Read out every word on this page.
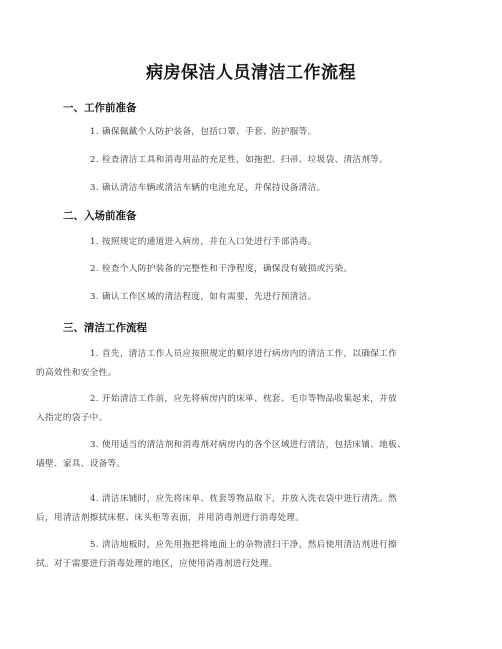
病房保洁人员清洁工作流程
一、工作前准备

1. 确保佩戴个人防护装备，包括口罩、手套、防护服等。

2. 检查清洁工具和消毒用品的充足性，如拖把、扫帚、垃圾袋、清洁剂等。

3. 确认清洁车辆或清洁车辆的电池充足，并保持设备清洁。

二、入场前准备

1. 按照规定的通道进入病房，并在入口处进行手部消毒。

2. 检查个人防护装备的完整性和干净程度，确保没有破损或污染。

3. 确认工作区域的清洁程度，如有需要，先进行预清洁。

三、清洁工作流程

1. 首先，清洁工作人员应按照规定的顺序进行病房内的清洁工作，以确保工作
的高效性和安全性。

2. 开始清洁工作前，应先将病房内的床单、枕套、毛巾等物品收集起来，并放
入指定的袋子中。

3. 使用适当的清洁剂和消毒剂对病房内的各个区域进行清洁，包括床铺、地板、
墙壁、家具、设备等。

4. 清洁床铺时，应先将床单、枕套等物品取下，并放入洗衣袋中进行清洗。然
后，用清洁剂擦拭床框、床头柜等表面，并用消毒剂进行消毒处理。

5. 清洁地板时，应先用拖把将地面上的杂物清扫干净，然后使用清洁剂进行擦
拭。对于需要进行消毒处理的地区，应使用消毒剂进行处理。
